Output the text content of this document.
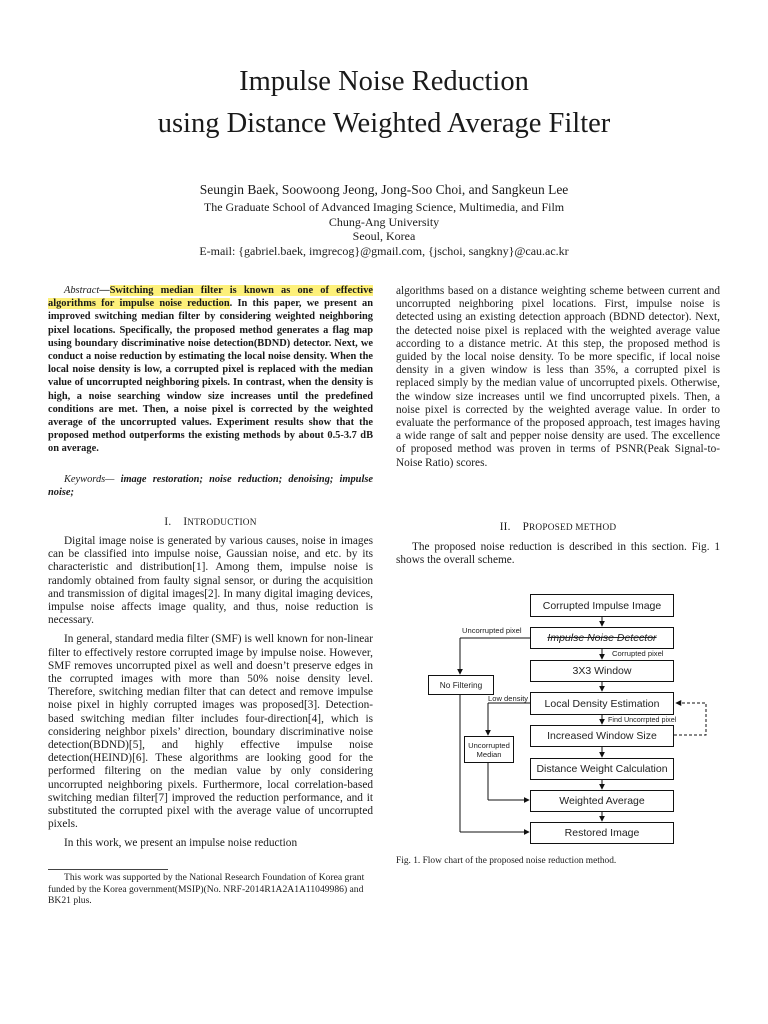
Impulse Noise Reduction
using Distance Weighted Average Filter
Seungin Baek, Soowoong Jeong, Jong-Soo Choi, and Sangkeun Lee
The Graduate School of Advanced Imaging Science, Multimedia, and Film
Chung-Ang University
Seoul, Korea
E-mail: {gabriel.baek, imgrecog}@gmail.com, {jschoi, sangkny}@cau.ac.kr

Abstract—Switching median filter is known as one of effective algorithms for impulse noise reduction. In this paper, we present an improved switching median filter by considering weighted neighboring pixel locations. Specifically, the proposed method generates a flag map using boundary discriminative noise detection(BDND) detector. Next, we conduct a noise reduction by estimating the local noise density. When the local noise density is low, a corrupted pixel is replaced with the median value of uncorrupted neighboring pixels. In contrast, when the density is high, a noise searching window size increases until the predefined conditions are met. Then, a noise pixel is corrected by the weighted average of the uncorrupted values. Experiment results show that the proposed method outperforms the existing methods by about 0.5-3.7 dB on average.

Keywords— image restoration; noise reduction; denoising; impulse noise;

I. INTRODUCTION

Digital image noise is generated by various causes, noise in images can be classified into impulse noise, Gaussian noise, and etc. by its characteristic and distribution[1]. Among them, impulse noise is randomly obtained from faulty signal sensor, or during the acquisition and transmission of digital images[2]. In many digital imaging devices, impulse noise affects image quality, and thus, noise reduction is necessary.

In general, standard media filter (SMF) is well known for non-linear filter to effectively restore corrupted image by impulse noise. However, SMF removes uncorrupted pixel as well and doesn’t preserve edges in the corrupted images with more than 50% noise density level. Therefore, switching median filter that can detect and remove impulse noise pixel in highly corrupted images was proposed[3]. Detection-based switching median filter includes four-direction[4], which is considering neighbor pixels’ direction, boundary discriminative noise detection(BDND)[5], and highly effective impulse noise detection(HEIND)[6]. These algorithms are looking good for the performed filtering on the median value by only considering uncorrupted neighboring pixels. Furthermore, local correlation-based switching median filter[7] improved the reduction performance, and it substituted the corrupted pixel with the average value of uncorrupted pixels.

In this work, we present an impulse noise reduction

This work was supported by the National Research Foundation of Korea grant funded by the Korea government(MSIP)(No. NRF-2014R1A2A1A11049986) and BK21 plus.

algorithms based on a distance weighting scheme between current and uncorrupted neighboring pixel locations. First, impulse noise is detected using an existing detection approach (BDND detector). Next, the detected noise pixel is replaced with the weighted average value according to a distance metric. At this step, the proposed method is guided by the local noise density. To be more specific, if local noise density in a given window is less than 35%, a corrupted pixel is replaced simply by the median value of uncorrupted pixels. Otherwise, the window size increases until we find uncorrupted pixels. Then, a noise pixel is corrected by the weighted average value. In order to evaluate the performance of the proposed approach, test images having a wide range of salt and pepper noise density are used. The excellence of proposed method was proven in terms of PSNR(Peak Signal-to-Noise Ratio) scores.

II. PROPOSED METHOD

The proposed noise reduction is described in this section. Fig. 1 shows the overall scheme.

Corrupted Impulse Image
Impulse Noise Detector
3X3 Window
No Filtering
Local Density Estimation
Increased Window Size
Uncorrupted
Median
Distance Weight Calculation
Weighted Average
Restored Image
Uncorrupted pixel
Corrupted pixel
Low density
Find Uncorrpted pixel
Fig. 1. Flow chart of the proposed noise reduction method.
